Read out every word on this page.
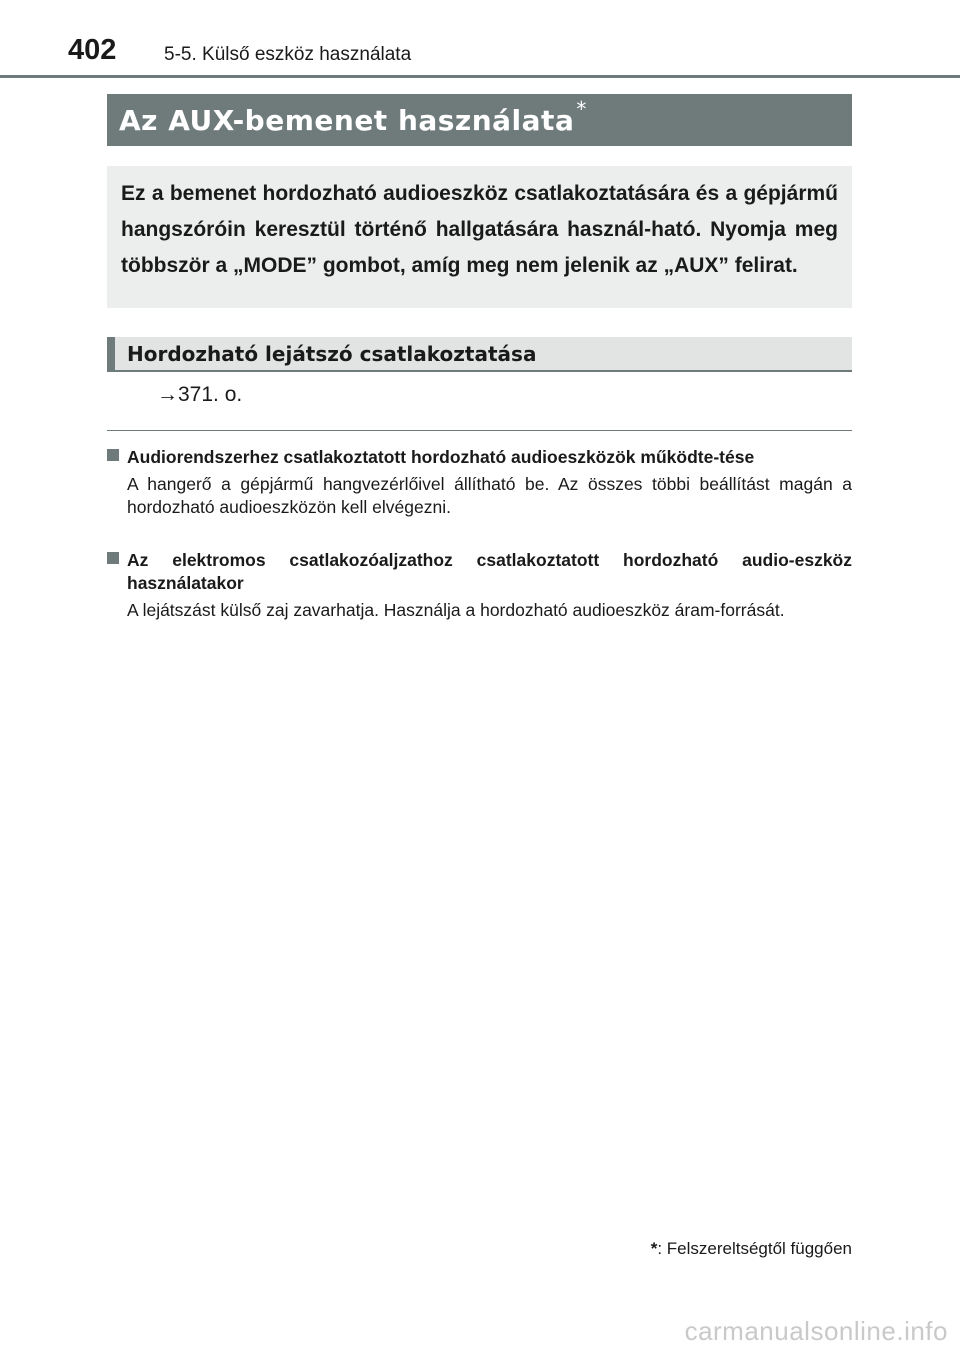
402	5-5. Külső eszköz használata
Az AUX-bemenet használata *

Ez a bemenet hordozható audioeszköz csatlakoztatására és a gépjármű hangszóróin keresztül történő hallgatására használ-ható. Nyomja meg többször a „MODE” gombot, amíg meg nem jelenik az „AUX” felirat.

Hordozható lejátszó csatlakoztatása
→371. o.
Audiorendszerhez csatlakoztatott hordozható audioeszközök működte-tése
A hangerő a gépjármű hangvezérlőivel állítható be. Az összes többi beállítást magán a hordozható audioeszközön kell elvégezni.
Az elektromos csatlakozóaljzathoz csatlakoztatott hordozható audio-eszköz használatakor
A lejátszást külső zaj zavarhatja. Használja a hordozható audioeszköz áram-forrását.
*: Felszereltségtől függően
carmanualsonline.info
